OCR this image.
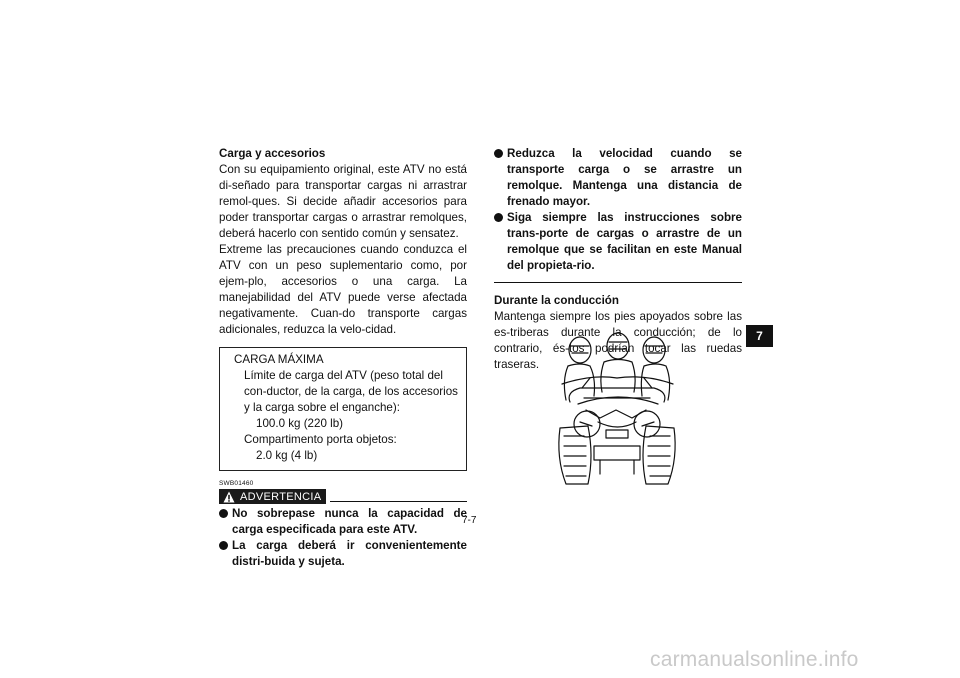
Carga y accesorios

Con su equipamiento original, este ATV no está di-señado para transportar cargas ni arrastrar remol-ques. Si decide añadir accesorios para poder transportar cargas o arrastrar remolques, deberá hacerlo con sentido común y sensatez.

Extreme las precauciones cuando conduzca el ATV con un peso suplementario como, por ejem-plo, accesorios o una carga. La manejabilidad del ATV puede verse afectada negativamente. Cuan-do transporte cargas adicionales, reduzca la velo-cidad.

CARGA MÁXIMA
Límite de carga del ATV (peso total del con-ductor, de la carga, de los accesorios y la carga sobre el enganche):
100.0 kg (220 lb)
Compartimento porta objetos:
2.0 kg (4 lb)
SWB01460
ADVERTENCIA
No sobrepase nunca la capacidad de carga especificada para este ATV.
La carga deberá ir convenientemente distri-buida y sujeta.
Reduzca la velocidad cuando se transporte carga o se arrastre un remolque. Mantenga una distancia de frenado mayor.
Siga siempre las instrucciones sobre trans-porte de cargas o arrastre de un remolque que se facilitan en este Manual del propieta-rio.

Durante la conducción

Mantenga siempre los pies apoyados sobre las es-triberas durante la conducción; de lo contrario, és-tos podrían tocar las ruedas traseras.

7-7
7
carmanualsonline.info
